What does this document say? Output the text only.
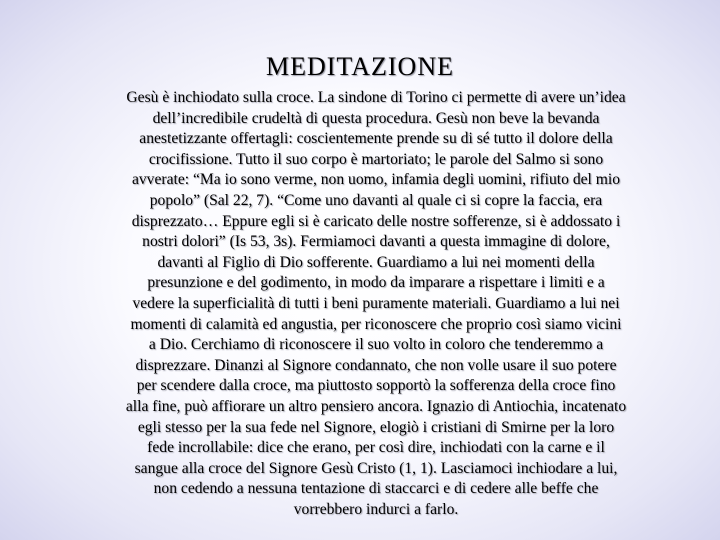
MEDITAZIONE
Gesù è inchiodato sulla croce. La sindone di Torino ci permette di avere un’idea
dell’incredibile crudeltà di questa procedura. Gesù non beve la bevanda
anestetizzante offertagli: coscientemente prende su di sé tutto il dolore della
crocifissione. Tutto il suo corpo è martoriato; le parole del Salmo si sono
avverate: “Ma io sono verme, non uomo, infamia degli uomini, rifiuto del mio
popolo” (Sal 22, 7). “Come uno davanti al quale ci si copre la faccia, era
disprezzato… Eppure egli si è caricato delle nostre sofferenze, si è addossato i
nostri dolori” (Is 53, 3s). Fermiamoci davanti a questa immagine di dolore,
davanti al Figlio di Dio sofferente. Guardiamo a lui nei momenti della
presunzione e del godimento, in modo da imparare a rispettare i limiti e a
vedere la superficialità di tutti i beni puramente materiali. Guardiamo a lui nei
momenti di calamità ed angustia, per riconoscere che proprio così siamo vicini
a Dio. Cerchiamo di riconoscere il suo volto in coloro che tenderemmo a
disprezzare. Dinanzi al Signore condannato, che non volle usare il suo potere
per scendere dalla croce, ma piuttosto sopportò la sofferenza della croce fino
alla fine, può affiorare un altro pensiero ancora. Ignazio di Antiochia, incatenato
egli stesso per la sua fede nel Signore, elogiò i cristiani di Smirne per la loro
fede incrollabile: dice che erano, per così dire, inchiodati con la carne e il
sangue alla croce del Signore Gesù Cristo (1, 1). Lasciamoci inchiodare a lui,
non cedendo a nessuna tentazione di staccarci e di cedere alle beffe che
vorrebbero indurci a farlo.
